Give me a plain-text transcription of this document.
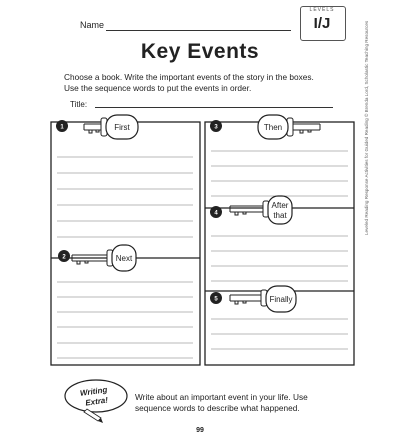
Name
LEVELS
I/J
Key Events
Choose a book. Write the important events of the story in the boxes.
Use the sequence words to put the events in order.
Title:
First
Next
Then
After
that
Finally
1
2
3
4
5
Writing
Extra!	Write about an important event in your life. Use
sequence words to describe what happened.
Leveled Reading Response Activities for Guided Reading © Brenda Lord, Scholastic Teaching Resources
99
